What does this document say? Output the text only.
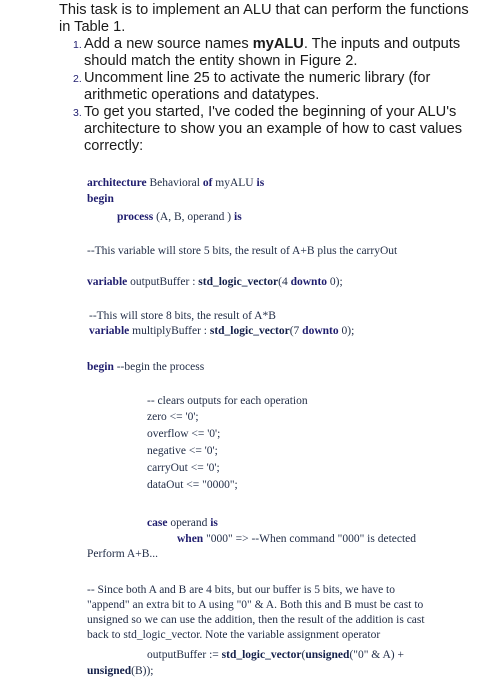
This task is to implement an ALU that can perform the functions in Table 1.

1. Add a new source names myALU. The inputs and outputs should match the entity shown in Figure 2.
2. Uncomment line 25 to activate the numeric library (for arithmetic operations and datatypes.
3. To get you started, I've coded the beginning of your ALU's architecture to show you an example of how to cast values correctly:
architecture Behavioral of myALU is
begin
process (A, B, operand ) is
--This variable will store 5 bits, the result of A+B plus the carryOut
variable outputBuffer : std_logic_vector(4 downto 0);
--This will store 8 bits, the result of A*B
variable multiplyBuffer : std_logic_vector(7 downto 0);
begin --begin the process
-- clears outputs for each operation
zero <= '0';
overflow <= '0';
negative <= '0';
carryOut <= '0';
dataOut <= "0000";
case operand is
when "000" => --When command "000" is detected Perform A+B...
-- Since both A and B are 4 bits, but our buffer is 5 bits, we have to "append" an extra bit to A using "0" & A. Both this and B must be cast to unsigned so we can use the addition, then the result of the addition is cast back to std_logic_vector. Note the variable assignment operator
outputBuffer := std_logic_vector(unsigned("0" & A) +
unsigned(B));
